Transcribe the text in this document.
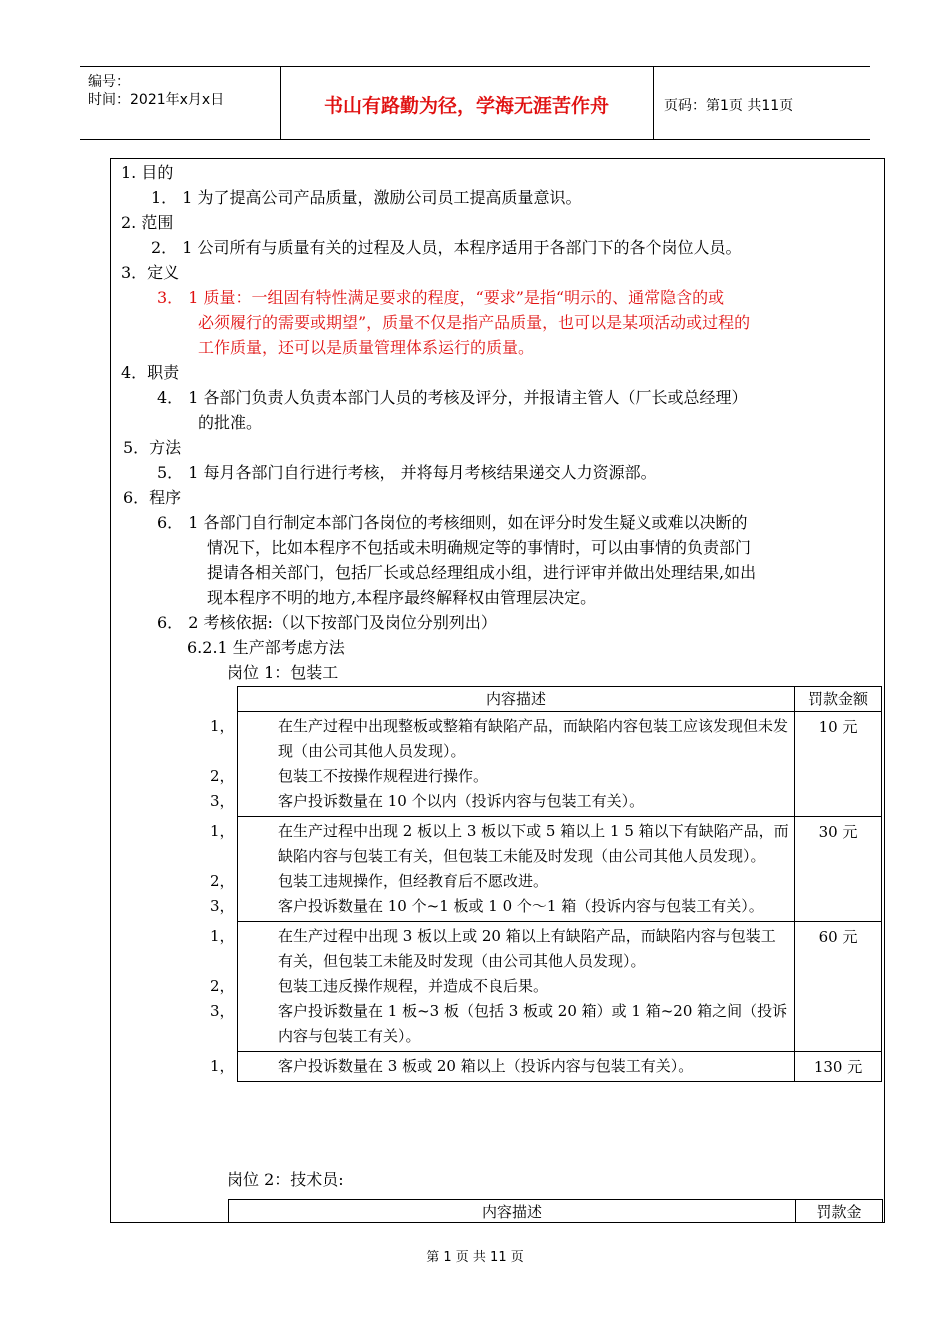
编号：
时间：2021年x月x日	书山有路勤为径，学海无涯苦作舟	页码：第1页 共11页
1. 目的
1． 1 为了提高公司产品质量，激励公司员工提高质量意识。
2. 范围
2． 1 公司所有与质量有关的过程及人员，本程序适用于各部门下的各个岗位人员。
3．定义
3． 1 质量：一组固有特性满足要求的程度，“要求”是指“明示的、通常隐含的或
必须履行的需要或期望”，质量不仅是指产品质量，也可以是某项活动或过程的
工作质量，还可以是质量管理体系运行的质量。
4．职责
4． 1 各部门负责人负责本部门人员的考核及评分，并报请主管人（厂长或总经理）
的批准。
5．方法
5． 1 每月各部门自行进行考核， 并将每月考核结果递交人力资源部。
6．程序
6． 1 各部门自行制定本部门各岗位的考核细则，如在评分时发生疑义或难以决断的
情况下，比如本程序不包括或未明确规定等的事情时，可以由事情的负责部门
提请各相关部门，包括厂长或总经理组成小组，进行评审并做出处理结果,如出
现本程序不明的地方,本程序最终解释权由管理层决定。
6． 2 考核依据:（以下按部门及岗位分别列出）
6.2.1 生产部考虑方法
岗位 1：包装工
内容描述	罚款金额

1， 在生产过程中出现整板或整箱有缺陷产品，而缺陷内容包装工应该发现但未发现（由公司其他人员发现）。
2， 包装工不按操作规程进行操作。
3， 客户投诉数量在 10 个以内（投诉内容与包装工有关）。	10 元

1， 在生产过程中出现 2 板以上 3 板以下或 5 箱以上 1 5 箱以下有缺陷产品，而缺陷内容与包装工有关，但包装工未能及时发现（由公司其他人员发现）。
2， 包装工违规操作，但经教育后不愿改进。
3， 客户投诉数量在 10 个~1 板或 1 0 个～1 箱（投诉内容与包装工有关）。	30 元

1， 在生产过程中出现 3 板以上或 20 箱以上有缺陷产品，而缺陷内容与包装工有关，但包装工未能及时发现（由公司其他人员发现）。
2， 包装工违反操作规程，并造成不良后果。
3， 客户投诉数量在 1 板~3 板（包括 3 板或 20 箱）或 1 箱~20 箱之间（投诉内容与包装工有关）。	60 元

1， 客户投诉数量在 3 板或 20 箱以上（投诉内容与包装工有关）。	130 元
岗位 2：技术员:
内容描述	罚款金
第 1 页 共 11 页
